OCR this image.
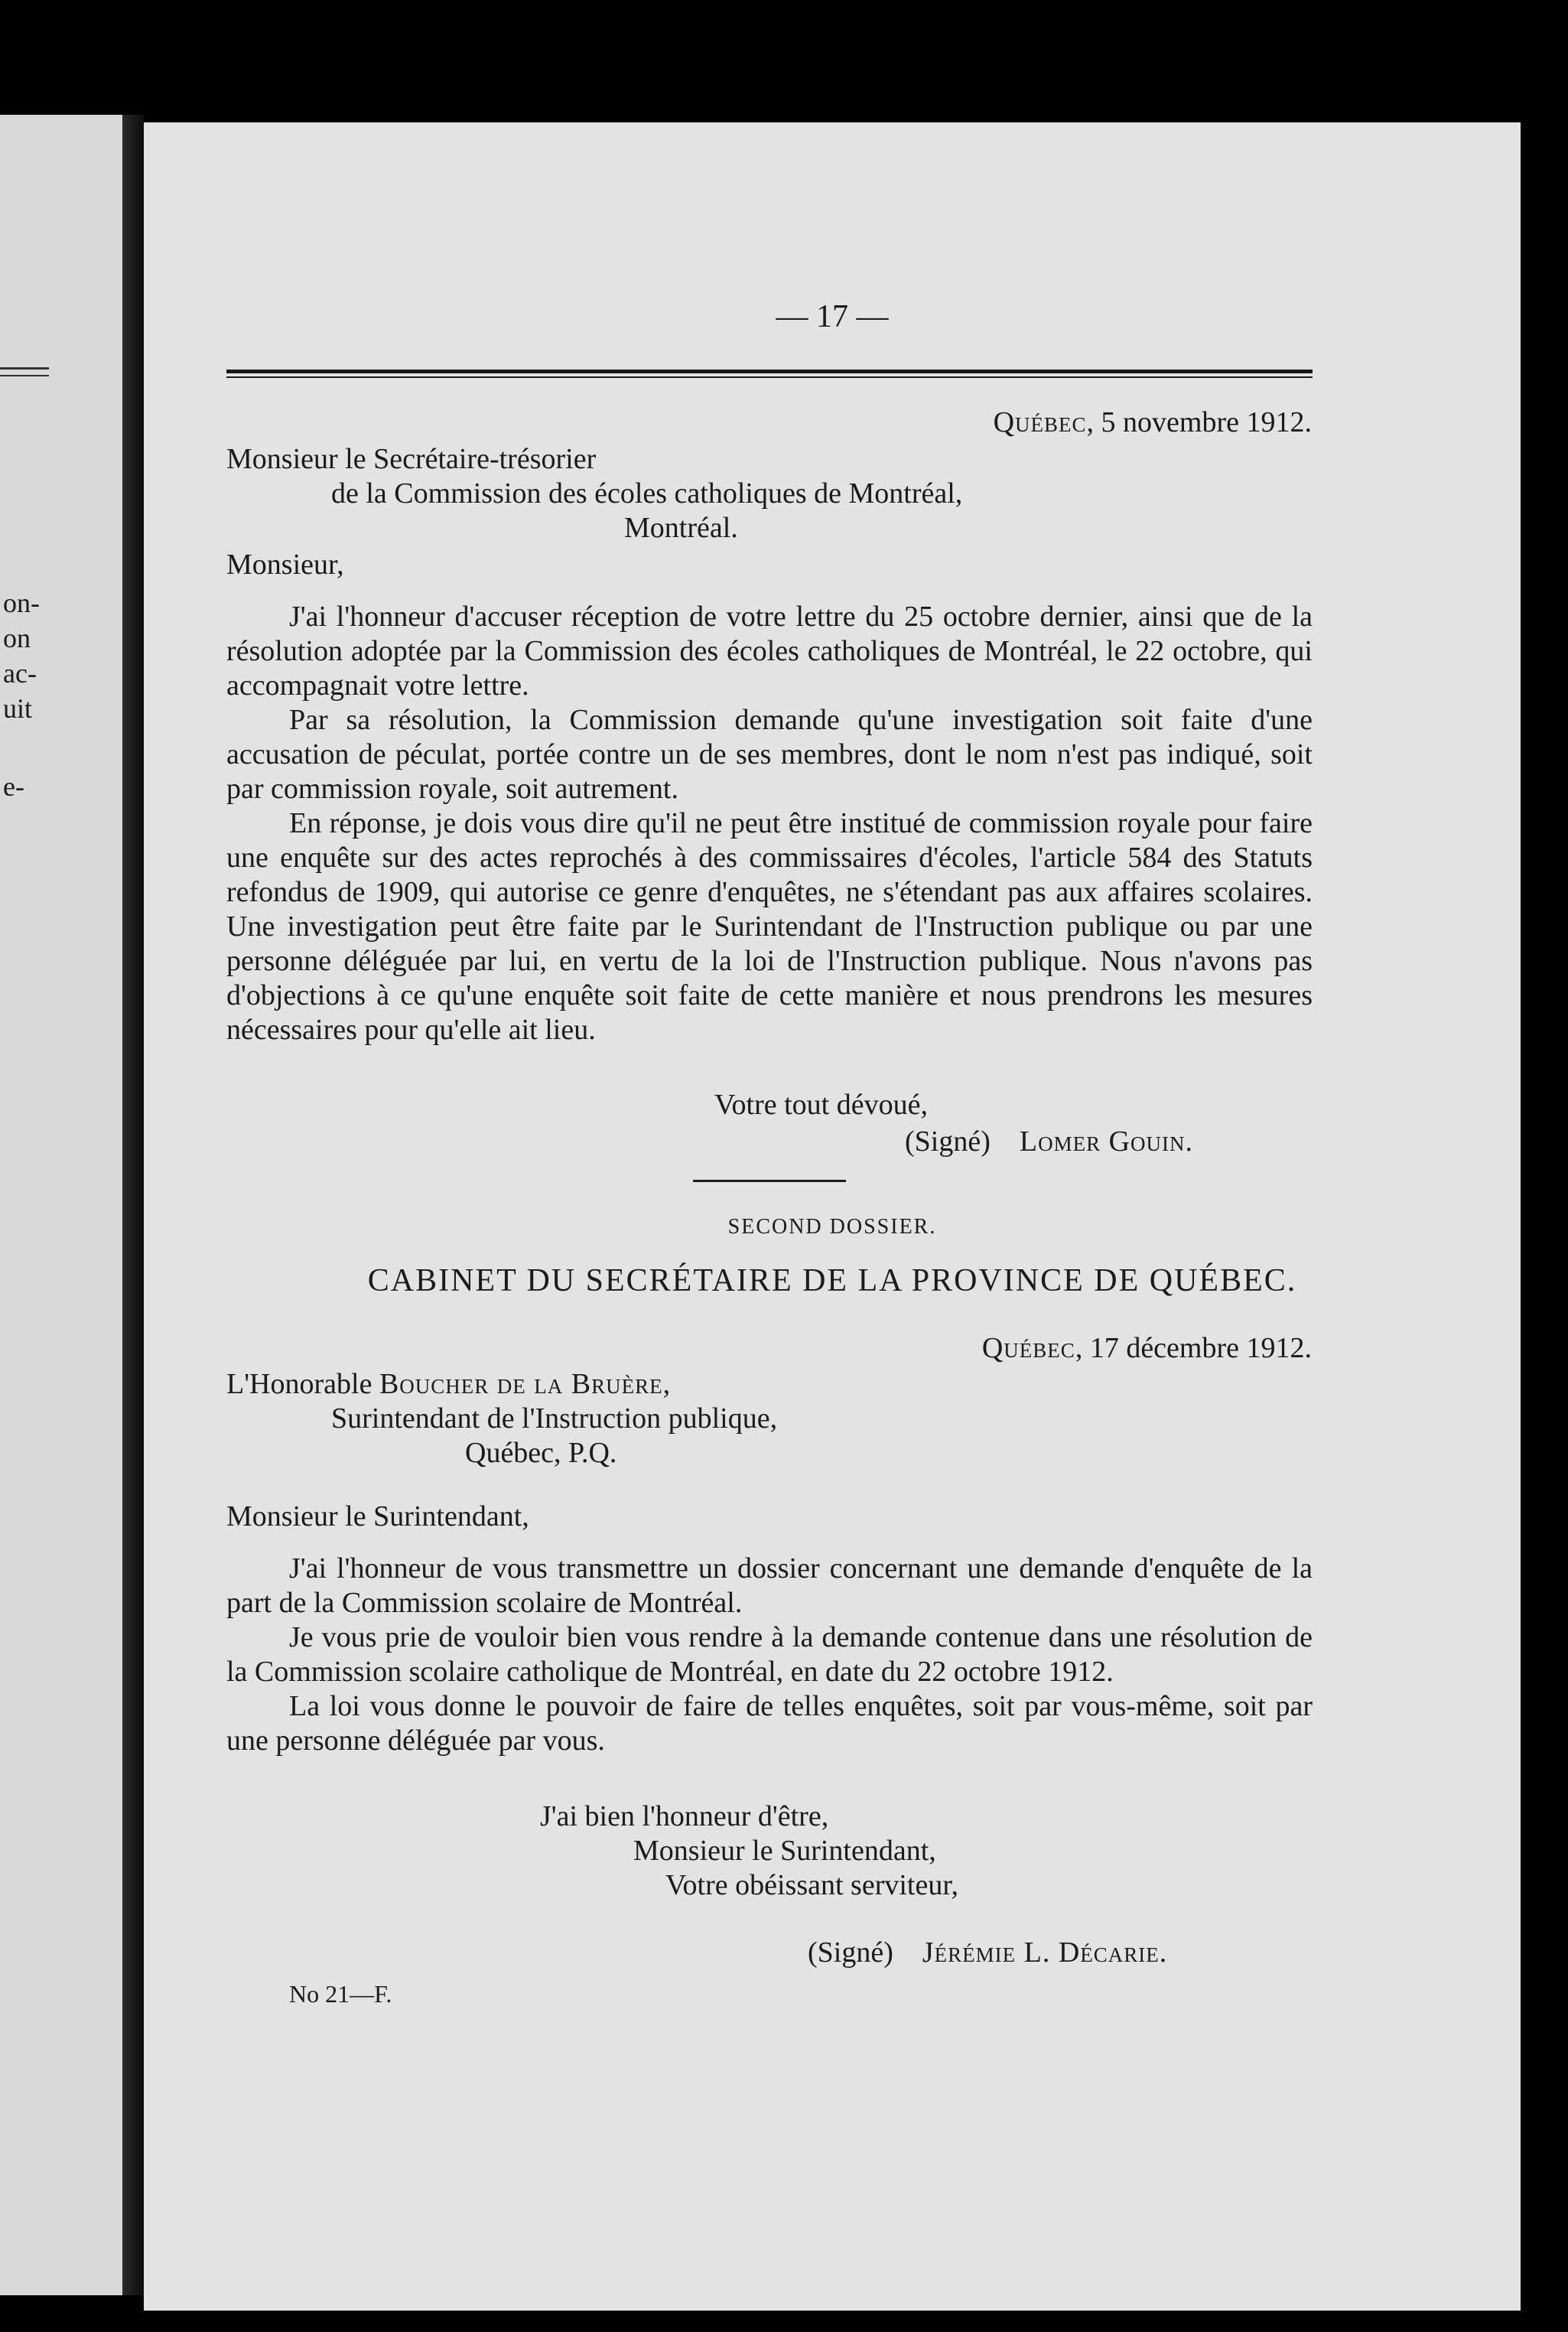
on-
on
ac-
uit
e-
— 17 —
Québec, 5 novembre 1912.
Monsieur le Secrétaire-trésorier
de la Commission des écoles catholiques de Montréal,
Montréal.
Monsieur,

J'ai l'honneur d'accuser réception de votre lettre du 25 octobre dernier, ainsi que de la résolution adoptée par la Commission des écoles catholiques de Montréal, le 22 octobre, qui accompagnait votre lettre.

Par sa résolution, la Commission demande qu'une investigation soit faite d'une accusation de péculat, portée contre un de ses membres, dont le nom n'est pas indiqué, soit par commission royale, soit autrement.

En réponse, je dois vous dire qu'il ne peut être institué de commission royale pour faire une enquête sur des actes reprochés à des commissaires d'écoles, l'article 584 des Statuts refondus de 1909, qui autorise ce genre d'enquêtes, ne s'étendant pas aux affaires scolaires. Une investigation peut être faite par le Surintendant de l'Instruction publique ou par une personne déléguée par lui, en vertu de la loi de l'Instruction publique. Nous n'avons pas d'objections à ce qu'une enquête soit faite de cette manière et nous prendrons les mesures nécessaires pour qu'elle ait lieu.

Votre tout dévoué,
(Signé) Lomer Gouin.
SECOND DOSSIER.
CABINET DU SECRÉTAIRE DE LA PROVINCE DE QUÉBEC.
Québec, 17 décembre 1912.
L'Honorable Boucher de la Bruère,
Surintendant de l'Instruction publique,
Québec, P.Q.
Monsieur le Surintendant,

J'ai l'honneur de vous transmettre un dossier concernant une demande d'enquête de la part de la Commission scolaire de Montréal.

Je vous prie de vouloir bien vous rendre à la demande contenue dans une résolution de la Commission scolaire catholique de Montréal, en date du 22 octobre 1912.

La loi vous donne le pouvoir de faire de telles enquêtes, soit par vous-même, soit par une personne déléguée par vous.

J'ai bien l'honneur d'être,
Monsieur le Surintendant,
Votre obéissant serviteur,
(Signé) Jérémie L. Décarie.
No 21—F.
